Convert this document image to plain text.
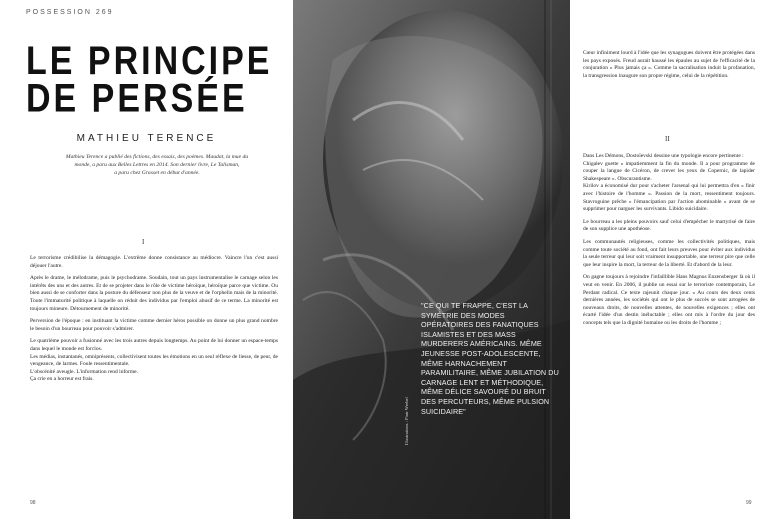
POSSESSION 269
LE PRINCIPE
DE PERSÉE
MATHIEU TERENCE
Mathieu Terence a publié des fictions, des essais, des poèmes. Maudat, la mue du
monde, a paru aux Belles Lettres en 2014. Son dernier livre, Le Talisman,
a paru chez Grasset en début d'année.
I

Le terrorisme crédibilise la démagogie. L'extrême donne consistance au médiocre. Vaincre l'un c'est aussi déjouer l'autre.

Après le drame, le mélodrame, puis le psychodrame. Soudain, tout un pays instrumentalise le carnage selon les intérêts des uns et des autres. Et de se projeter dans le rôle de victime héroïque, héroïque parce que victime. Ou bien aussi de se conforter dans la posture du défenseur non plus de la veuve et de l'orphelin mais de la minorité. Toute l'immaturité politique à laquelle on réduit des individus par l'emploi abusif de ce terme. La minorité est toujours mineure. Détournement de minorité.

Perversion de l'époque : en instituant la victime comme dernier héros possible on donne un plus grand nombre le besoin d'un bourreau pour pouvoir s'admirer.

Le quatrième pouvoir a fusionné avec les trois autres depuis longtemps. Au point de lui donner un espace-temps dans lequel le monde est forclos.

Les médias, instantanés, omniprésents, collectivisent toutes les émotions en un seul réflexe de liesse, de peur, de vengeance, de larmes. Foule ressentimentale.

L'obscénité aveugle. L'information rend informe.

Ça crie en a horreur est frais.

98
"CE QUI TE FRAPPE, C'EST LA SYMÉTRIE DES MODES OPÉRATOIRES DES FANATIQUES ISLAMISTES ET DES MASS MURDERERS AMÉRICAINS. MÊME JEUNESSE POST-ADOLESCENTE, MÊME HARNACHEMENT PARAMILITAIRE, MÊME JUBILATION DU CARNAGE LENT ET MÉTHODIQUE, MÊME DÉLICE SAVOURÉ DU BRUIT DES PERCUTEURS, MÊME PULSION SUICIDAIRE"
Illustrations : Piotr Wrebel

Cœur infiniment lourd à l'idée que les synagogues doivent être protégées dans les pays exposés. Freud aurait haussé les épaules au sujet de l'efficacité de la conjuration « Plus jamais ça ». Comme la sacralisation induit la profanation, la transgression inaugure son propre régime, celui de la répétition.

II

Dans Les Démons, Dostoïevski dessine une typologie encore pertinente :

Chigalev guette « impatiemment la fin du monde. Il a pour programme de couper la langue de Cicéron, de crever les yeux de Copernic, de lapider Shakespeare ». Obscurantisme.

Kirilov a économisé dur pour s'acheter l'arsenal qui lui permettra d'en « finir avec l'histoire de l'homme ». Passion de la mort, ressentiment toujours. Stavroguine prêche « l'émancipation par l'action abominable » avant de se supprimer pour narguer les survivants. Libido suicidaire.

Le bourreau a les pleins pouvoirs sauf celui d'empêcher le martyrisé de faire de son supplice une apothéose.

Les communautés religieuses, comme les collectivités politiques, mais comme toute société au fond, ont fait leurs preuves pour éviter aux individus la seule terreur qui leur soit vraiment insupportable, une terreur pire que celle que leur inspire la mort, la terreur de la liberté. Et d'abord de la leur.

On gagne toujours à rejoindre l'infaillible Hans Magnus Enzensberger là où il veut en venir. En 2006, il publie un essai sur le terroriste contemporain, Le Perdant radical. Ce texte rajeunit chaque jour. « Au cours des deux cents dernières années, les sociétés qui ont le plus de succès se sont arrogées de nouveaux droits, de nouvelles attentes, de nouvelles exigences ; elles ont écarté l'idée d'un destin inéluctable ; elles ont mis à l'ordre du jour des concepts tels que la dignité humaine ou les droits de l'homme ;

99
